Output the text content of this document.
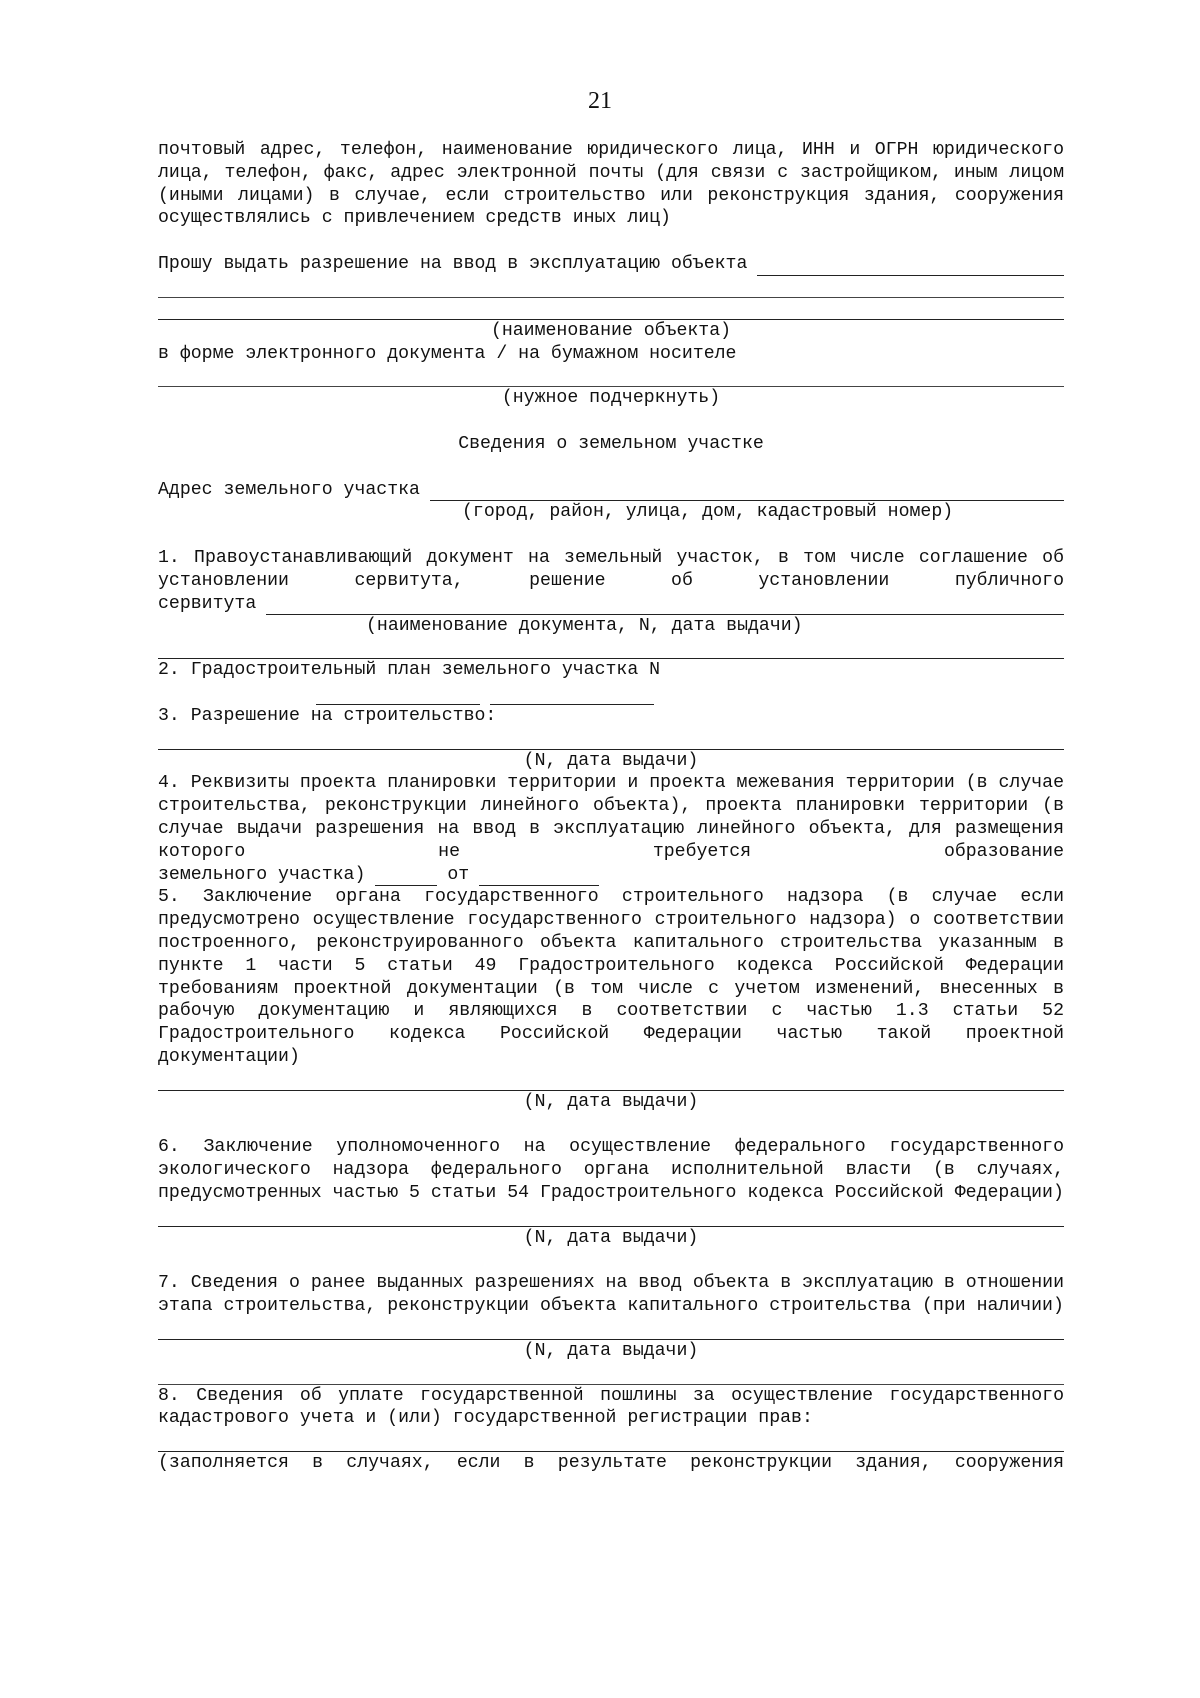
21

почтовый адрес, телефон, наименование юридического лица, ИНН и ОГРН юридического лица, телефон, факс, адрес электронной почты (для связи с застройщиком, иным лицом (иными лицами) в случае, если строительство или реконструкция здания, сооружения осуществлялись с привлечением средств иных лиц)

Прошу выдать разрешение на ввод в эксплуатацию объекта

(наименование объекта)

в форме электронного документа / на бумажном носителе

(нужное подчеркнуть)

Сведения о земельном участке

Адрес земельного участка

(город, район, улица, дом, кадастровый номер)

1. Правоустанавливающий документ на земельный участок, в том числе соглашение об установлении сервитута, решение об установлении публичного

сервитута

(наименование документа, N, дата выдачи)

2. Градостроительный план земельного участка N

3. Разрешение на строительство:

(N, дата выдачи)

4. Реквизиты проекта планировки территории и проекта межевания территории (в случае строительства, реконструкции линейного объекта), проекта планировки территории (в случае выдачи разрешения на ввод в эксплуатацию линейного объекта, для размещения которого не требуется образование

земельного участка)	от

5. Заключение органа государственного строительного надзора (в случае если предусмотрено осуществление государственного строительного надзора) о соответствии построенного, реконструированного объекта капитального строительства указанным в пункте 1 части 5 статьи 49 Градостроительного кодекса Российской Федерации требованиям проектной документации (в том числе с учетом изменений, внесенных в рабочую документацию и являющихся в соответствии с частью 1.3 статьи 52 Градостроительного кодекса Российской Федерации частью такой проектной документации)

(N, дата выдачи)

6. Заключение уполномоченного на осуществление федерального государственного экологического надзора федерального органа исполнительной власти (в случаях, предусмотренных частью 5 статьи 54 Градостроительного кодекса Российской Федерации)

(N, дата выдачи)

7. Сведения о ранее выданных разрешениях на ввод объекта в эксплуатацию в отношении этапа строительства, реконструкции объекта капитального строительства (при наличии)

(N, дата выдачи)

8. Сведения об уплате государственной пошлины за осуществление государственного кадастрового учета и (или) государственной регистрации прав:

(заполняется в случаях, если в результате реконструкции здания, сооружения
